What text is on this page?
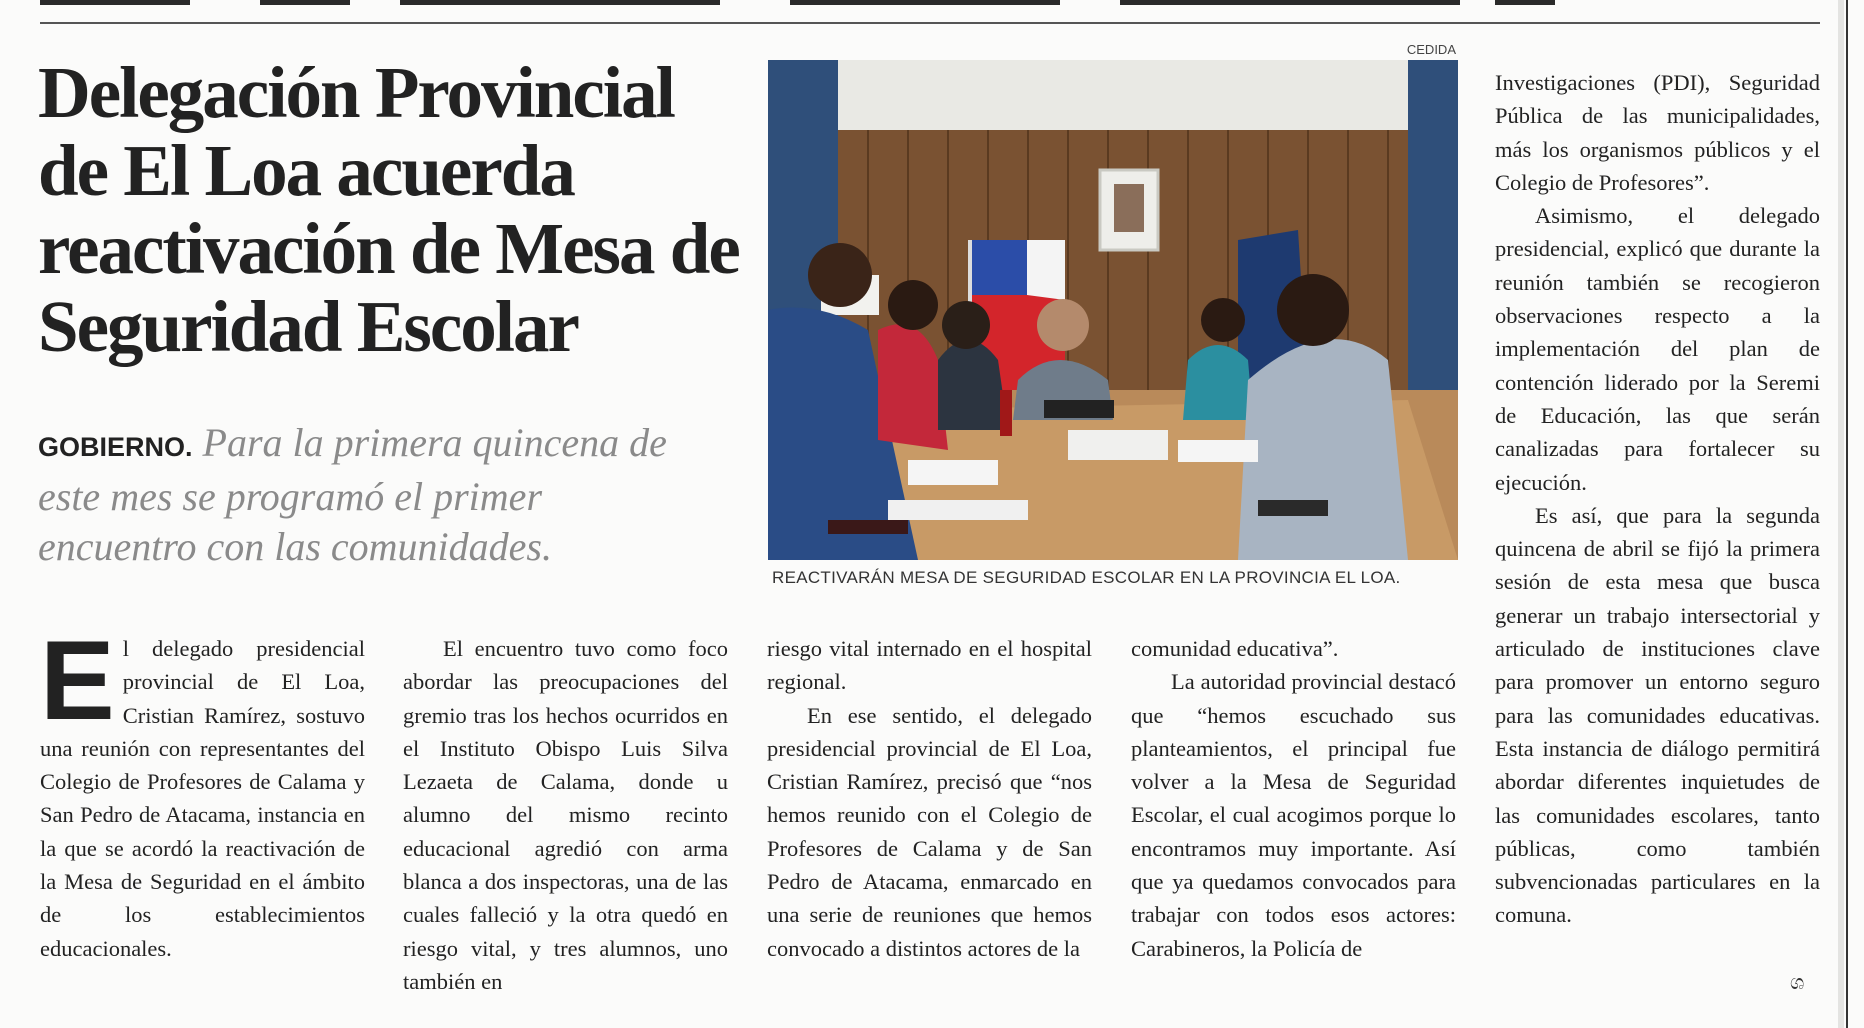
Delegación Provincial de El Loa acuerda reactivación de Mesa de Seguridad Escolar
GOBIERNO. Para la primera quincena de este mes se programó el primer encuentro con las comunidades.
CEDIDA
REACTIVARÁN MESA DE SEGURIDAD ESCOLAR EN LA PROVINCIA EL LOA.

El delegado presidencial provincial de El Loa, Cristian Ramírez, sostuvo una reunión con representantes del Colegio de Profesores de Calama y San Pedro de Atacama, instancia en la que se acordó la reactivación de la Mesa de Seguridad en el ámbito de los establecimientos educacionales.

El encuentro tuvo como foco abordar las preocupaciones del gremio tras los hechos ocurridos en el Instituto Obispo Luis Silva Lezaeta de Calama, donde u alumno del mismo recinto educacional agredió con arma blanca a dos inspectoras, una de las cuales falleció y la otra quedó en riesgo vital, y tres alumnos, uno también en

riesgo vital internado en el hospital regional.

En ese sentido, el delegado presidencial provincial de El Loa, Cristian Ramírez, precisó que “nos hemos reunido con el Colegio de Profesores de Calama y de San Pedro de Atacama, enmarcado en una serie de reuniones que hemos convocado a distintos actores de la

comunidad educativa”.

La autoridad provincial destacó que “hemos escuchado sus planteamientos, el principal fue volver a la Mesa de Seguridad Escolar, el cual acogimos porque lo encontramos muy importante. Así que ya quedamos convocados para trabajar con todos esos actores: Carabineros, la Policía de

Investigaciones (PDI), Seguridad Pública de las municipalidades, más los organismos públicos y el Colegio de Profesores”.

Asimismo, el delegado presidencial, explicó que durante la reunión también se recogieron observaciones respecto a la implementación del plan de contención liderado por la Seremi de Educación, las que serán canalizadas para fortalecer su ejecución.

Es así, que para la segunda quincena de abril se fijó la primera sesión de esta mesa que busca generar un trabajo intersectorial y articulado de instituciones clave para promover un entorno seguro para las comunidades educativas. Esta instancia de diálogo permitirá abordar diferentes inquietudes de las comunidades escolares, tanto públicas, como también subvencionadas particulares en la comuna.

ශ
